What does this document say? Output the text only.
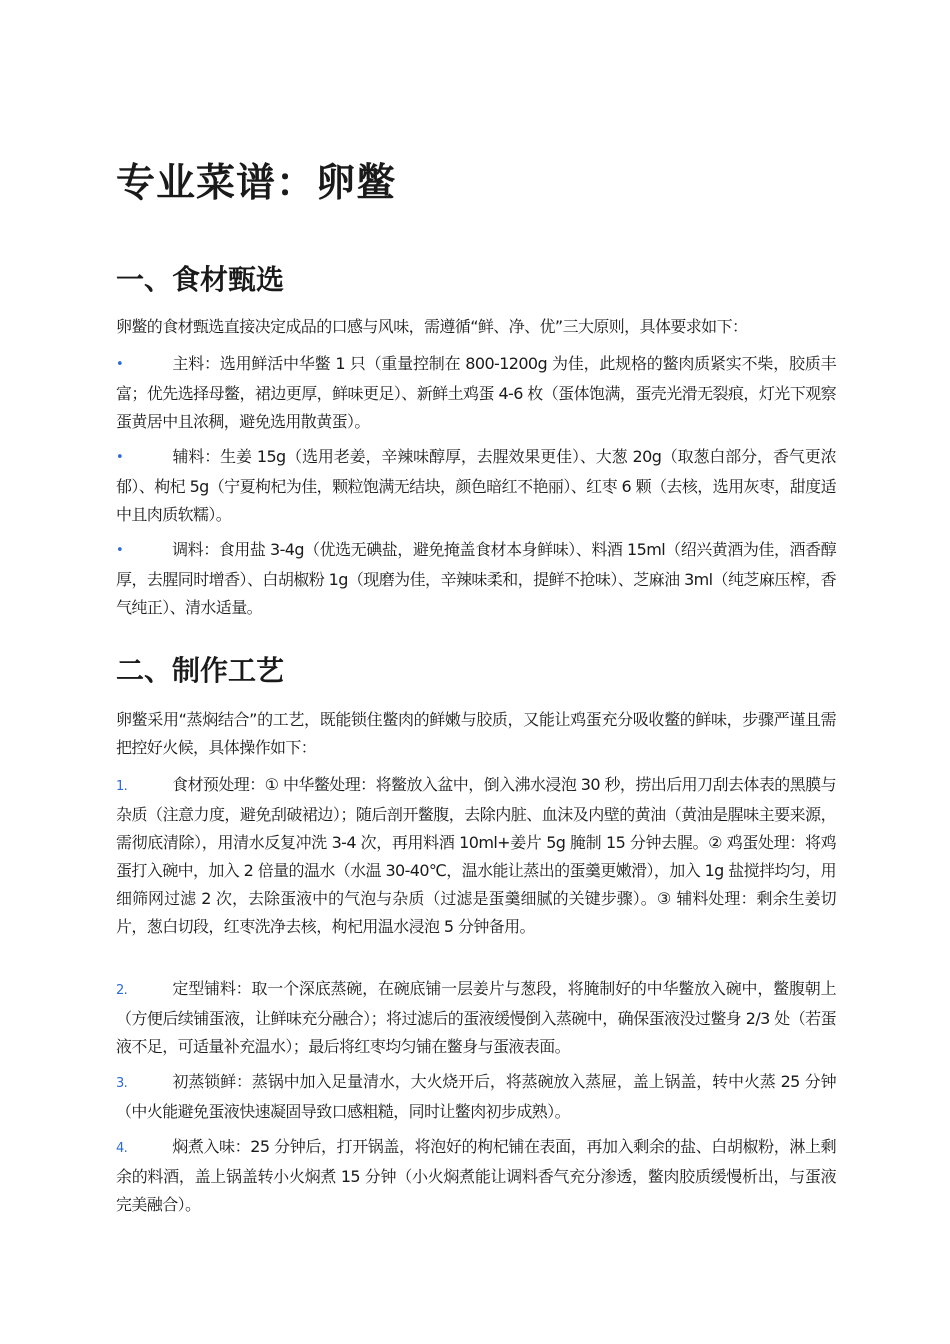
专业菜谱：卵鳖
一、食材甄选

卵鳖的食材甄选直接决定成品的口感与风味，需遵循“鲜、净、优”三大原则，具体要求如下：

•	主料：选用鲜活中华鳖 1 只（重量控制在 800-1200g 为佳，此规格的鳖肉质紧实不柴，胶质丰富；优先选择母鳖，裙边更厚，鲜味更足）、新鲜土鸡蛋 4-6 枚（蛋体饱满，蛋壳光滑无裂痕，灯光下观察蛋黄居中且浓稠，避免选用散黄蛋）。

•	辅料：生姜 15g（选用老姜，辛辣味醇厚，去腥效果更佳）、大葱 20g（取葱白部分，香气更浓郁）、枸杞 5g（宁夏枸杞为佳，颗粒饱满无结块，颜色暗红不艳丽）、红枣 6 颗（去核，选用灰枣，甜度适中且肉质软糯）。

•	调料：食用盐 3-4g（优选无碘盐，避免掩盖食材本身鲜味）、料酒 15ml（绍兴黄酒为佳，酒香醇厚，去腥同时增香）、白胡椒粉 1g（现磨为佳，辛辣味柔和，提鲜不抢味）、芝麻油 3ml（纯芝麻压榨，香气纯正）、清水适量。

二、制作工艺

卵鳖采用“蒸焖结合”的工艺，既能锁住鳖肉的鲜嫩与胶质，又能让鸡蛋充分吸收鳖的鲜味，步骤严谨且需把控好火候，具体操作如下：

1.	食材预处理：① 中华鳖处理：将鳖放入盆中，倒入沸水浸泡 30 秒，捞出后用刀刮去体表的黑膜与杂质（注意力度，避免刮破裙边）；随后剖开鳖腹，去除内脏、血沫及内壁的黄油（黄油是腥味主要来源，需彻底清除），用清水反复冲洗 3-4 次，再用料酒 10ml+姜片 5g 腌制 15 分钟去腥。② 鸡蛋处理：将鸡蛋打入碗中，加入 2 倍量的温水（水温 30-40℃，温水能让蒸出的蛋羹更嫩滑），加入 1g 盐搅拌均匀，用细筛网过滤 2 次，去除蛋液中的气泡与杂质（过滤是蛋羹细腻的关键步骤）。③ 辅料处理：剩余生姜切片，葱白切段，红枣洗净去核，枸杞用温水浸泡 5 分钟备用。

2.	定型铺料：取一个深底蒸碗，在碗底铺一层姜片与葱段，将腌制好的中华鳖放入碗中，鳖腹朝上（方便后续铺蛋液，让鲜味充分融合）；将过滤后的蛋液缓慢倒入蒸碗中，确保蛋液没过鳖身 2/3 处（若蛋液不足，可适量补充温水）；最后将红枣均匀铺在鳖身与蛋液表面。

3.	初蒸锁鲜：蒸锅中加入足量清水，大火烧开后，将蒸碗放入蒸屉，盖上锅盖，转中火蒸 25 分钟（中火能避免蛋液快速凝固导致口感粗糙，同时让鳖肉初步成熟）。

4.	焖煮入味：25 分钟后，打开锅盖，将泡好的枸杞铺在表面，再加入剩余的盐、白胡椒粉，淋上剩余的料酒，盖上锅盖转小火焖煮 15 分钟（小火焖煮能让调料香气充分渗透，鳖肉胶质缓慢析出，与蛋液完美融合）。
